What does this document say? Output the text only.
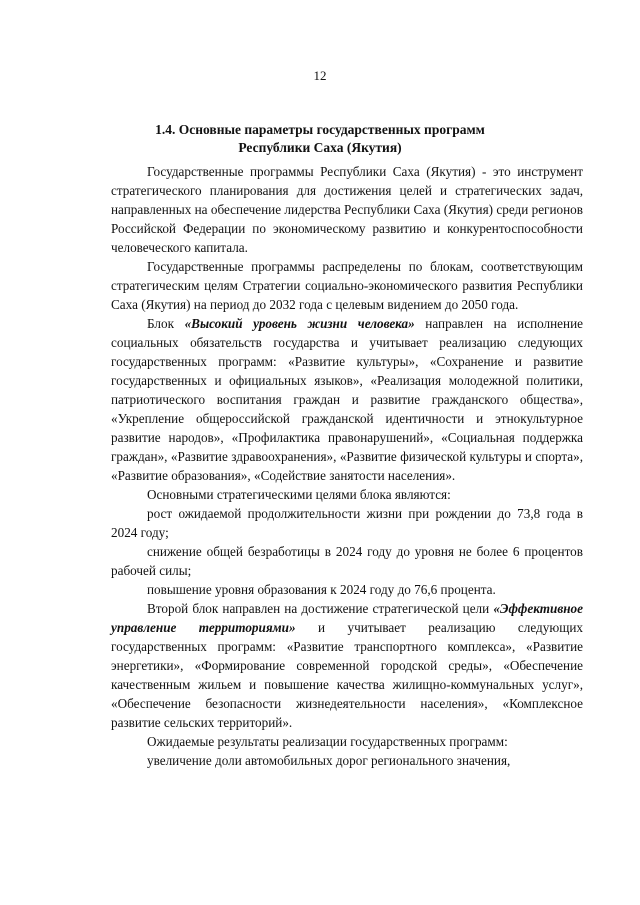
12
1.4. Основные параметры государственных программ
Республики Саха (Якутия)

Государственные программы Республики Саха (Якутия) - это инструмент стратегического планирования для достижения целей и стратегических задач, направленных на обеспечение лидерства Республики Саха (Якутия) среди регионов Российской Федерации по экономическому развитию и конкурентоспособности человеческого капитала.

Государственные программы распределены по блокам, соответствующим стратегическим целям Стратегии социально-экономического развития Республики Саха (Якутия) на период до 2032 года с целевым видением до 2050 года.

Блок «Высокий уровень жизни человека» направлен на исполнение социальных обязательств государства и учитывает реализацию следующих государственных программ: «Развитие культуры», «Сохранение и развитие государственных и официальных языков», «Реализация молодежной политики, патриотического воспитания граждан и развитие гражданского общества», «Укрепление общероссийской гражданской идентичности и этнокультурное развитие народов», «Профилактика правонарушений», «Социальная поддержка граждан», «Развитие здравоохранения», «Развитие физической культуры и спорта», «Развитие образования», «Содействие занятости населения».

Основными стратегическими целями блока являются:

рост ожидаемой продолжительности жизни при рождении до 73,8 года в 2024 году;

снижение общей безработицы в 2024 году до уровня не более 6 процентов рабочей силы;

повышение уровня образования к 2024 году до 76,6 процента.

Второй блок направлен на достижение стратегической цели «Эффективное управление территориями» и учитывает реализацию следующих государственных программ: «Развитие транспортного комплекса», «Развитие энергетики», «Формирование современной городской среды», «Обеспечение качественным жильем и повышение качества жилищно-коммунальных услуг», «Обеспечение безопасности жизнедеятельности населения», «Комплексное развитие сельских территорий».

Ожидаемые результаты реализации государственных программ:

увеличение доли автомобильных дорог регионального значения,
